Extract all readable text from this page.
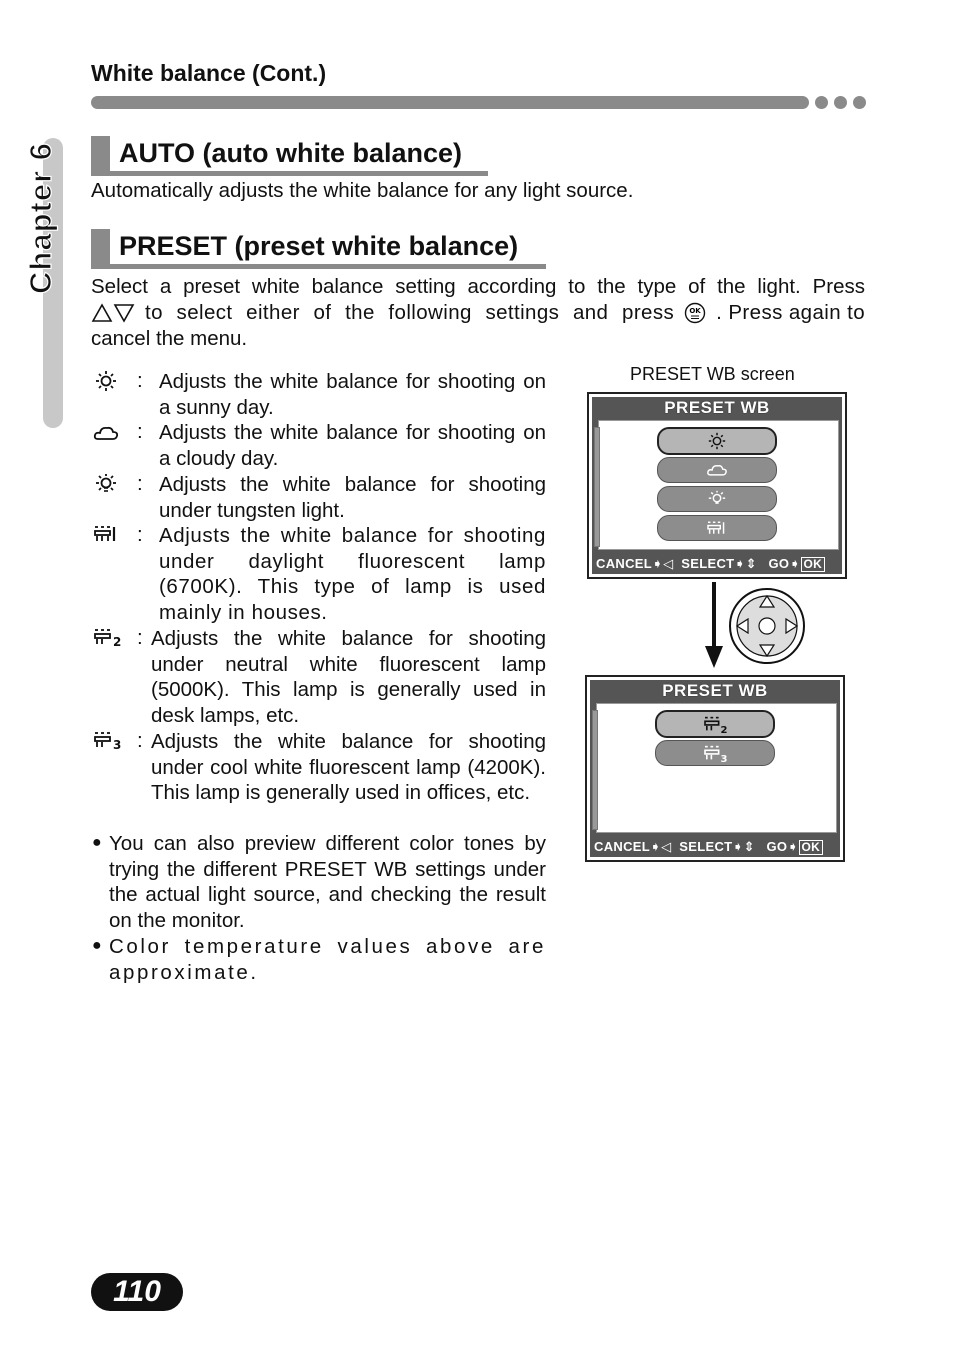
White balance (Cont.)
Chapter 6 AUTO (auto white balance)
Automatically adjusts the white balance for any light source.
PRESET (preset white balance)
Select a preset white balance setting according to the type of the light. Press
to select either of the following settings and press OK . Press again to
cancel the menu.
: Adjusts the white balance for shooting on a sunny day.
: Adjusts the white balance for shooting on a cloudy day.
: Adjusts the white balance for shooting under tungsten light.
: Adjusts the white balance for shooting under daylight fluorescent lamp (6700K). This type of lamp is used mainly in houses.
2 : Adjusts the white balance for shooting under neutral white fluorescent lamp (5000K). This lamp is generally used in desk lamps, etc.
3 : Adjusts the white balance for shooting under cool white fluorescent lamp (4200K). This lamp is generally used in offices, etc.
● You can also preview different color tones by trying the different PRESET WB settings under the actual light source, and checking the result on the monitor.
● Color temperature values above are approximate.
PRESET WB screen
PRESET WB
CANCEL➧◁  SELECT➧⇕   GO➧ OK
PRESET WB
2
3
CANCEL➧◁  SELECT➧⇕   GO➧ OK
110
